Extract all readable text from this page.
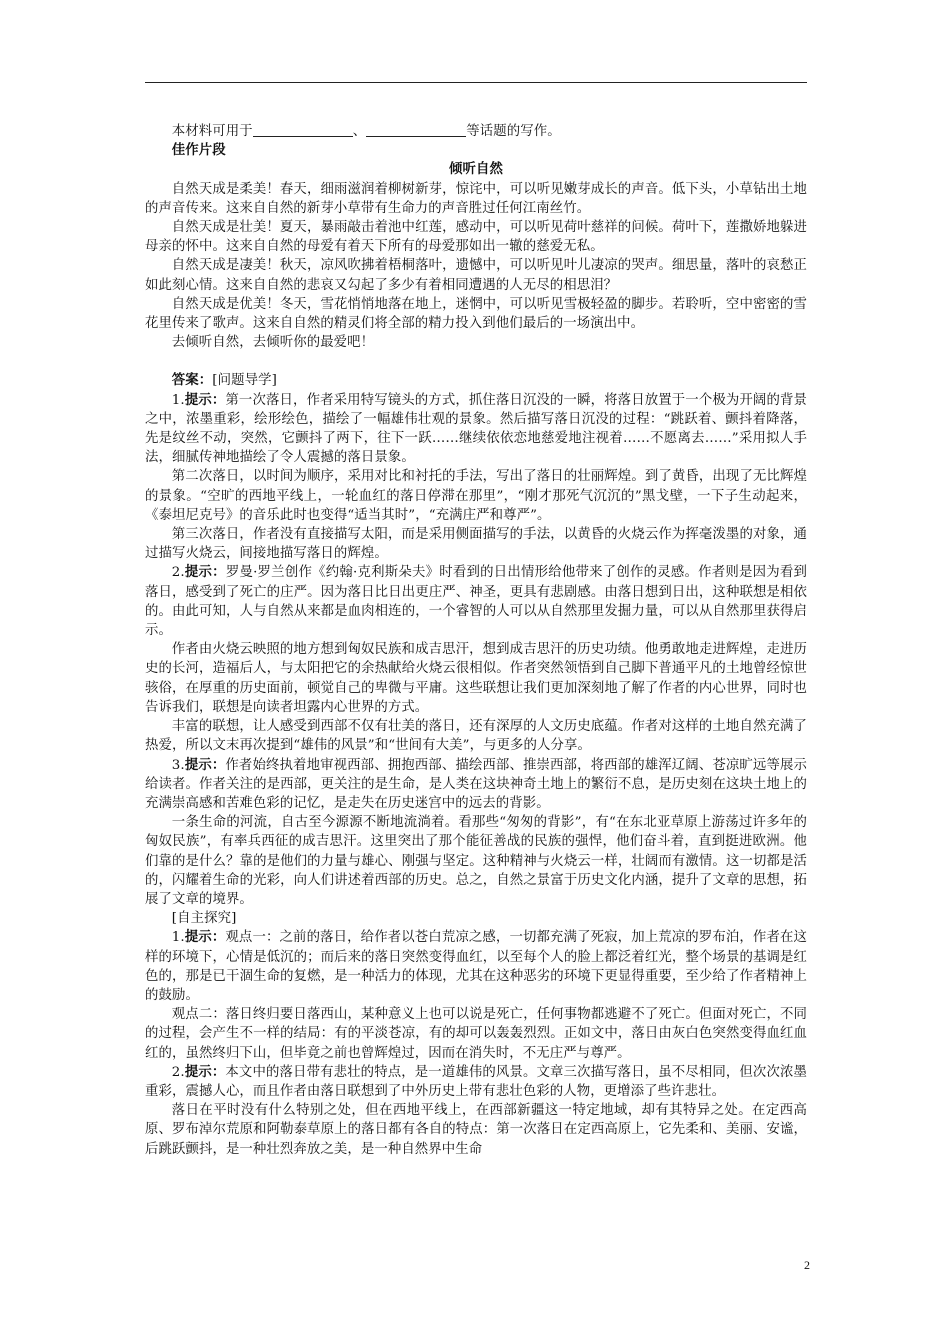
本材料可用于	、	等话题的写作。

佳作片段

倾听自然

自然天成是柔美！春天，细雨滋润着柳树新芽，惊诧中，可以听见嫩芽成长的声音。低下头，小草钻出土地的声音传来。这来自自然的新芽小草带有生命力的声音胜过任何江南丝竹。

自然天成是壮美！夏天，暴雨敲击着池中红莲，感动中，可以听见荷叶慈祥的问候。荷叶下，莲撒娇地躲进母亲的怀中。这来自自然的母爱有着天下所有的母爱那如出一辙的慈爱无私。

自然天成是凄美！秋天，凉风吹拂着梧桐落叶，遗憾中，可以听见叶儿凄凉的哭声。细思量，落叶的哀愁正如此刻心情。这来自自然的悲哀又勾起了多少有着相同遭遇的人无尽的相思泪？

自然天成是优美！冬天，雪花悄悄地落在地上，迷惘中，可以听见雪极轻盈的脚步。若聆听，空中密密的雪花里传来了歌声。这来自自然的精灵们将全部的精力投入到他们最后的一场演出中。

去倾听自然，去倾听你的最爱吧！

答案：[问题导学]

1.提示：第一次落日，作者采用特写镜头的方式，抓住落日沉没的一瞬，将落日放置于一个极为开阔的背景之中，浓墨重彩，绘形绘色，描绘了一幅雄伟壮观的景象。然后描写落日沉没的过程：“跳跃着、颤抖着降落，先是纹丝不动，突然，它颤抖了两下，往下一跃……继续依依恋地慈爱地注视着……不愿离去……”采用拟人手法，细腻传神地描绘了令人震撼的落日景象。

第二次落日，以时间为顺序，采用对比和衬托的手法，写出了落日的壮丽辉煌。到了黄昏，出现了无比辉煌的景象。“空旷的西地平线上，一轮血红的落日停滞在那里”，“刚才那死气沉沉的”黑戈壁，一下子生动起来，《泰坦尼克号》的音乐此时也变得“适当其时”，“充满庄严和尊严”。

第三次落日，作者没有直接描写太阳，而是采用侧面描写的手法，以黄昏的火烧云作为挥毫泼墨的对象，通过描写火烧云，间接地描写落日的辉煌。

2.提示：罗曼·罗兰创作《约翰·克利斯朵夫》时看到的日出情形给他带来了创作的灵感。作者则是因为看到落日，感受到了死亡的庄严。因为落日比日出更庄严、神圣，更具有悲剧感。由落日想到日出，这种联想是相依的。由此可知，人与自然从来都是血肉相连的，一个睿智的人可以从自然那里发掘力量，可以从自然那里获得启示。

作者由火烧云映照的地方想到匈奴民族和成吉思汗，想到成吉思汗的历史功绩。他勇敢地走进辉煌，走进历史的长河，造福后人，与太阳把它的余热献给火烧云很相似。作者突然领悟到自己脚下普通平凡的土地曾经惊世骇俗，在厚重的历史面前，顿觉自己的卑微与平庸。这些联想让我们更加深刻地了解了作者的内心世界，同时也告诉我们，联想是向读者坦露内心世界的方式。

丰富的联想，让人感受到西部不仅有壮美的落日，还有深厚的人文历史底蕴。作者对这样的土地自然充满了热爱，所以文末再次提到“雄伟的风景”和“世间有大美”，与更多的人分享。

3.提示：作者始终执着地审视西部、拥抱西部、描绘西部、推崇西部，将西部的雄浑辽阔、苍凉旷远等展示给读者。作者关注的是西部，更关注的是生命，是人类在这块神奇土地上的繁衍不息，是历史刻在这块土地上的充满崇高感和苦难色彩的记忆，是走失在历史迷宫中的远去的背影。

一条生命的河流，自古至今源源不断地流淌着。看那些“匆匆的背影”，有“在东北亚草原上游荡过许多年的匈奴民族”，有率兵西征的成吉思汗。这里突出了那个能征善战的民族的强悍，他们奋斗着，直到挺进欧洲。他们靠的是什么？靠的是他们的力量与雄心、刚强与坚定。这种精神与火烧云一样，壮阔而有激情。这一切都是活的，闪耀着生命的光彩，向人们讲述着西部的历史。总之，自然之景富于历史文化内涵，提升了文章的思想，拓展了文章的境界。

[自主探究]

1.提示：观点一：之前的落日，给作者以苍白荒凉之感，一切都充满了死寂，加上荒凉的罗布泊，作者在这样的环境下，心情是低沉的；而后来的落日突然变得血红，以至每个人的脸上都泛着红光，整个场景的基调是红色的，那是已干涸生命的复燃，是一种活力的体现，尤其在这种恶劣的环境下更显得重要，至少给了作者精神上的鼓励。

观点二：落日终归要日落西山，某种意义上也可以说是死亡，任何事物都逃避不了死亡。但面对死亡，不同的过程，会产生不一样的结局：有的平淡苍凉，有的却可以轰轰烈烈。正如文中，落日由灰白色突然变得血红血红的，虽然终归下山，但毕竟之前也曾辉煌过，因而在消失时，不无庄严与尊严。

2.提示：本文中的落日带有悲壮的特点，是一道雄伟的风景。文章三次描写落日，虽不尽相同，但次次浓墨重彩，震撼人心，而且作者由落日联想到了中外历史上带有悲壮色彩的人物，更增添了些许悲壮。

落日在平时没有什么特别之处，但在西地平线上，在西部新疆这一特定地域，却有其特异之处。在定西高原、罗布淖尔荒原和阿勒泰草原上的落日都有各自的特点：第一次落日在定西高原上，它先柔和、美丽、安谧，后跳跃颤抖，是一种壮烈奔放之美，是一种自然界中生命

2
